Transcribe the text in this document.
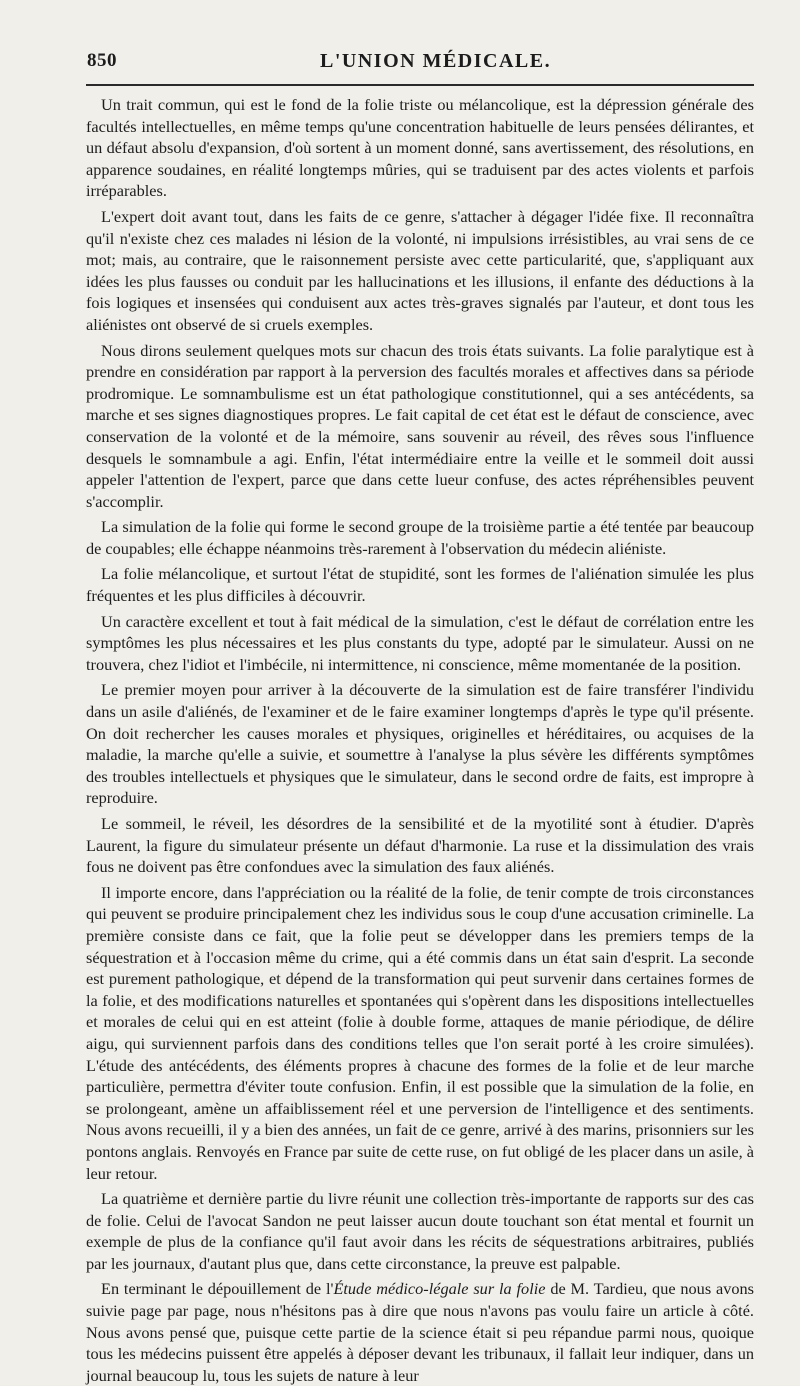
850	L'UNION MÉDICALE.

Un trait commun, qui est le fond de la folie triste ou mélancolique, est la dépression générale des facultés intellectuelles, en même temps qu'une concentration habituelle de leurs pensées délirantes, et un défaut absolu d'expansion, d'où sortent à un moment donné, sans avertissement, des résolutions, en apparence soudaines, en réalité longtemps mûries, qui se traduisent par des actes violents et parfois irréparables.

L'expert doit avant tout, dans les faits de ce genre, s'attacher à dégager l'idée fixe. Il reconnaîtra qu'il n'existe chez ces malades ni lésion de la volonté, ni impulsions irrésistibles, au vrai sens de ce mot; mais, au contraire, que le raisonnement persiste avec cette particularité, que, s'appliquant aux idées les plus fausses ou conduit par les hallucinations et les illusions, il enfante des déductions à la fois logiques et insensées qui conduisent aux actes très-graves signalés par l'auteur, et dont tous les aliénistes ont observé de si cruels exemples.

Nous dirons seulement quelques mots sur chacun des trois états suivants. La folie paralytique est à prendre en considération par rapport à la perversion des facultés morales et affectives dans sa période prodromique. Le somnambulisme est un état pathologique constitutionnel, qui a ses antécédents, sa marche et ses signes diagnostiques propres. Le fait capital de cet état est le défaut de conscience, avec conservation de la volonté et de la mémoire, sans souvenir au réveil, des rêves sous l'influence desquels le somnambule a agi. Enfin, l'état intermédiaire entre la veille et le sommeil doit aussi appeler l'attention de l'expert, parce que dans cette lueur confuse, des actes répréhensibles peuvent s'accomplir.

La simulation de la folie qui forme le second groupe de la troisième partie a été tentée par beaucoup de coupables; elle échappe néanmoins très-rarement à l'observation du médecin aliéniste.

La folie mélancolique, et surtout l'état de stupidité, sont les formes de l'aliénation simulée les plus fréquentes et les plus difficiles à découvrir.

Un caractère excellent et tout à fait médical de la simulation, c'est le défaut de corrélation entre les symptômes les plus nécessaires et les plus constants du type, adopté par le simulateur. Aussi on ne trouvera, chez l'idiot et l'imbécile, ni intermittence, ni conscience, même momentanée de la position.

Le premier moyen pour arriver à la découverte de la simulation est de faire transférer l'individu dans un asile d'aliénés, de l'examiner et de le faire examiner longtemps d'après le type qu'il présente. On doit rechercher les causes morales et physiques, originelles et héréditaires, ou acquises de la maladie, la marche qu'elle a suivie, et soumettre à l'analyse la plus sévère les différents symptômes des troubles intellectuels et physiques que le simulateur, dans le second ordre de faits, est impropre à reproduire.

Le sommeil, le réveil, les désordres de la sensibilité et de la myotilité sont à étudier. D'après Laurent, la figure du simulateur présente un défaut d'harmonie. La ruse et la dissimulation des vrais fous ne doivent pas être confondues avec la simulation des faux aliénés.

Il importe encore, dans l'appréciation ou la réalité de la folie, de tenir compte de trois circonstances qui peuvent se produire principalement chez les individus sous le coup d'une accusation criminelle. La première consiste dans ce fait, que la folie peut se développer dans les premiers temps de la séquestration et à l'occasion même du crime, qui a été commis dans un état sain d'esprit. La seconde est purement pathologique, et dépend de la transformation qui peut survenir dans certaines formes de la folie, et des modifications naturelles et spontanées qui s'opèrent dans les dispositions intellectuelles et morales de celui qui en est atteint (folie à double forme, attaques de manie périodique, de délire aigu, qui surviennent parfois dans des conditions telles que l'on serait porté à les croire simulées). L'étude des antécédents, des éléments propres à chacune des formes de la folie et de leur marche particulière, permettra d'éviter toute confusion. Enfin, il est possible que la simulation de la folie, en se prolongeant, amène un affaiblissement réel et une perversion de l'intelligence et des sentiments. Nous avons recueilli, il y a bien des années, un fait de ce genre, arrivé à des marins, prisonniers sur les pontons anglais. Renvoyés en France par suite de cette ruse, on fut obligé de les placer dans un asile, à leur retour.

La quatrième et dernière partie du livre réunit une collection très-importante de rapports sur des cas de folie. Celui de l'avocat Sandon ne peut laisser aucun doute touchant son état mental et fournit un exemple de plus de la confiance qu'il faut avoir dans les récits de séquestrations arbitraires, publiés par les journaux, d'autant plus que, dans cette circonstance, la preuve est palpable.

En terminant le dépouillement de l'Étude médico-légale sur la folie de M. Tardieu, que nous avons suivie page par page, nous n'hésitons pas à dire que nous n'avons pas voulu faire un article à côté. Nous avons pensé que, puisque cette partie de la science était si peu répandue parmi nous, quoique tous les médecins puissent être appelés à déposer devant les tribunaux, il fallait leur indiquer, dans un journal beaucoup lu, tous les sujets de nature à leur
